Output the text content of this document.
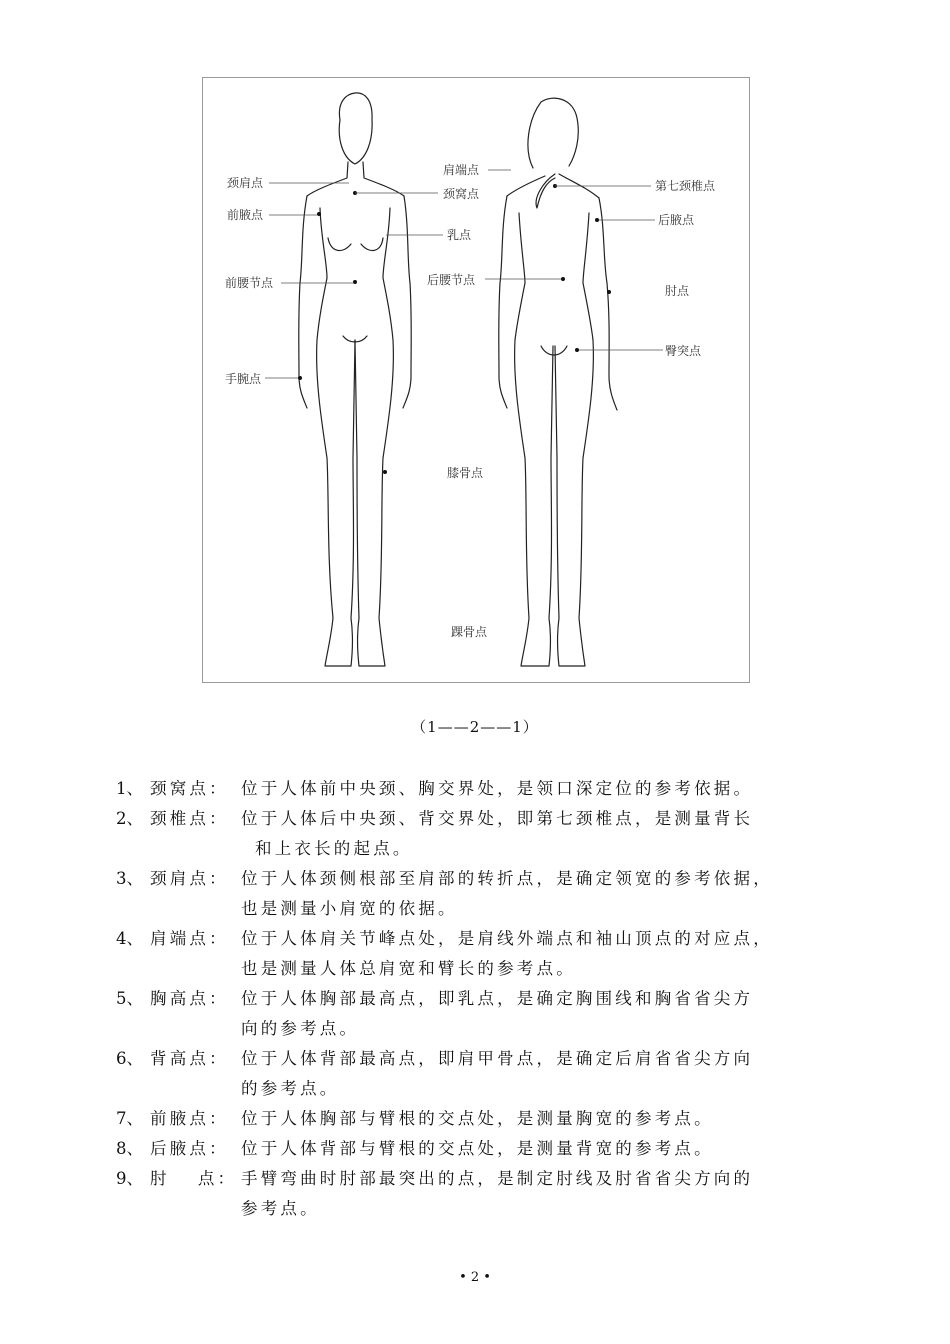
颈肩点
前腋点
前腰节点
手腕点
肩端点
颈窝点
乳点
后腰节点
膝骨点
踝骨点
第七颈椎点
后腋点
肘点
臀突点
（1——2——1）
1、 颈窝点： 位于人体前中央颈、胸交界处，是领口深定位的参考依据。
2、 颈椎点： 位于人体后中央颈、背交界处，即第七颈椎点，是测量背长
和上衣长的起点。
3、 颈肩点： 位于人体颈侧根部至肩部的转折点，是确定领宽的参考依据，
也是测量小肩宽的依据。
4、 肩端点： 位于人体肩关节峰点处，是肩线外端点和袖山顶点的对应点，
也是测量人体总肩宽和臂长的参考点。
5、 胸高点： 位于人体胸部最高点，即乳点，是确定胸围线和胸省省尖方
向的参考点。
6、 背高点： 位于人体背部最高点，即肩甲骨点，是确定后肩省省尖方向
的参考点。
7、 前腋点： 位于人体胸部与臂根的交点处，是测量胸宽的参考点。
8、 后腋点： 位于人体背部与臂根的交点处，是测量背宽的参考点。
9、 肘　 点： 手臂弯曲时肘部最突出的点，是制定肘线及肘省省尖方向的
参考点。
• 2 •
